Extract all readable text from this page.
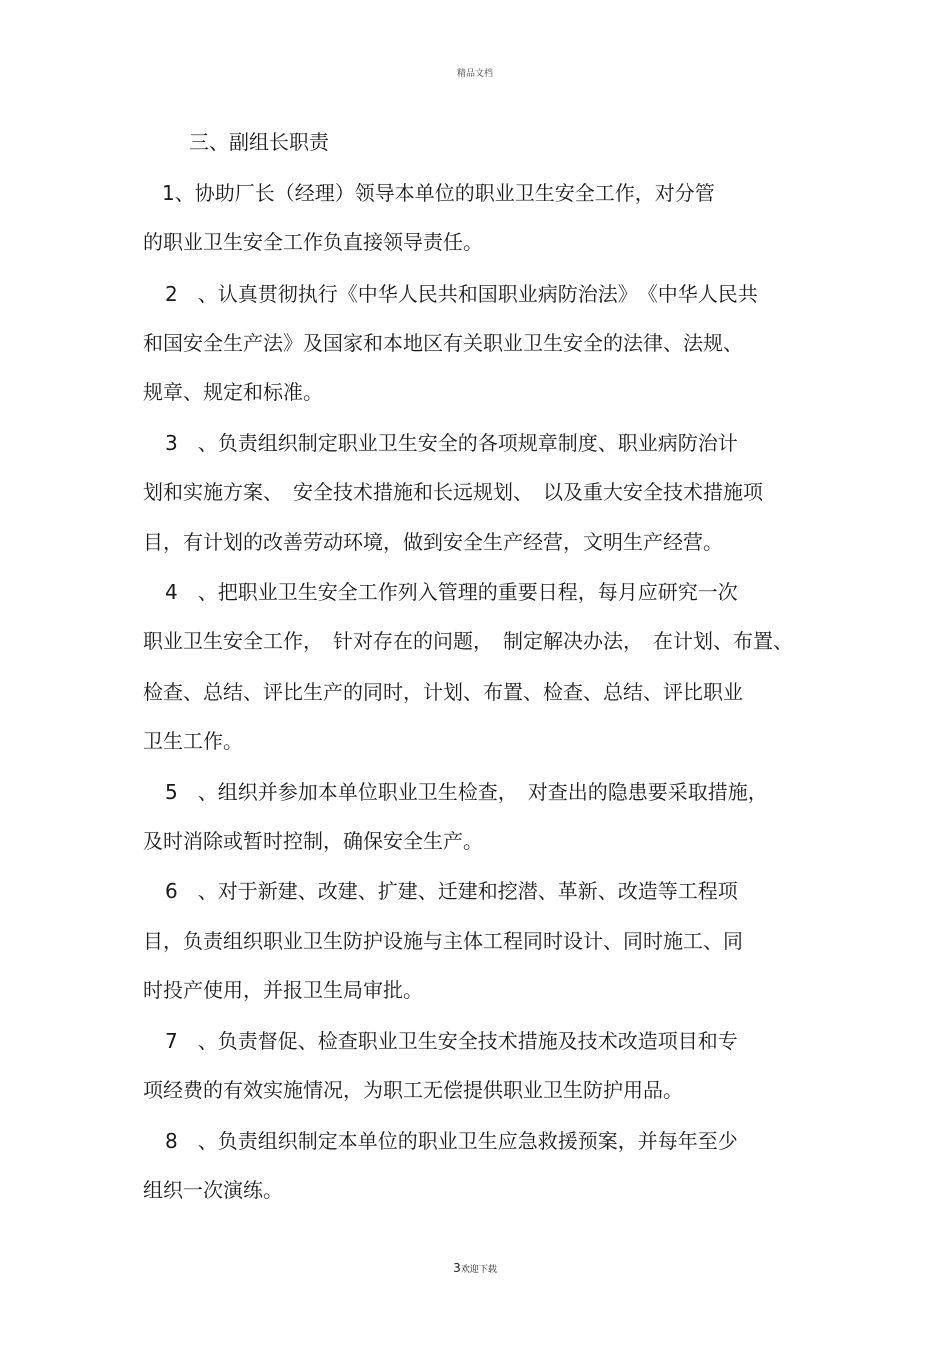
精品文档
三、副组长职责
1、协助厂长（经理）领导本单位的职业卫生安全工作，对分管
的职业卫生安全工作负直接领导责任。
2　、认真贯彻执行《中华人民共和国职业病防治法》　《中华人民共
和国安全生产法》及国家和本地区有关职业卫生安全的法律、法规、
规章、规定和标准。
3　、负责组织制定职业卫生安全的各项规章制度、职业病防治计
划和实施方案、　安全技术措施和长远规划、　以及重大安全技术措施项
目，有计划的改善劳动环境，做到安全生产经营，文明生产经营。
4　、把职业卫生安全工作列入管理的重要日程，每月应研究一次
职业卫生安全工作，　针对存在的问题，　制定解决办法，　在计划、布置、
检查、总结、评比生产的同时，计划、布置、检查、总结、评比职业
卫生工作。
5　、组织并参加本单位职业卫生检查，　对查出的隐患要采取措施，
及时消除或暂时控制，确保安全生产。
6　、对于新建、改建、扩建、迁建和挖潜、革新、改造等工程项
目，负责组织职业卫生防护设施与主体工程同时设计、同时施工、同
时投产使用，并报卫生局审批。
7　、负责督促、检查职业卫生安全技术措施及技术改造项目和专
项经费的有效实施情况，为职工无偿提供职业卫生防护用品。
8　、负责组织制定本单位的职业卫生应急救援预案，并每年至少
组织一次演练。
3欢迎下载
